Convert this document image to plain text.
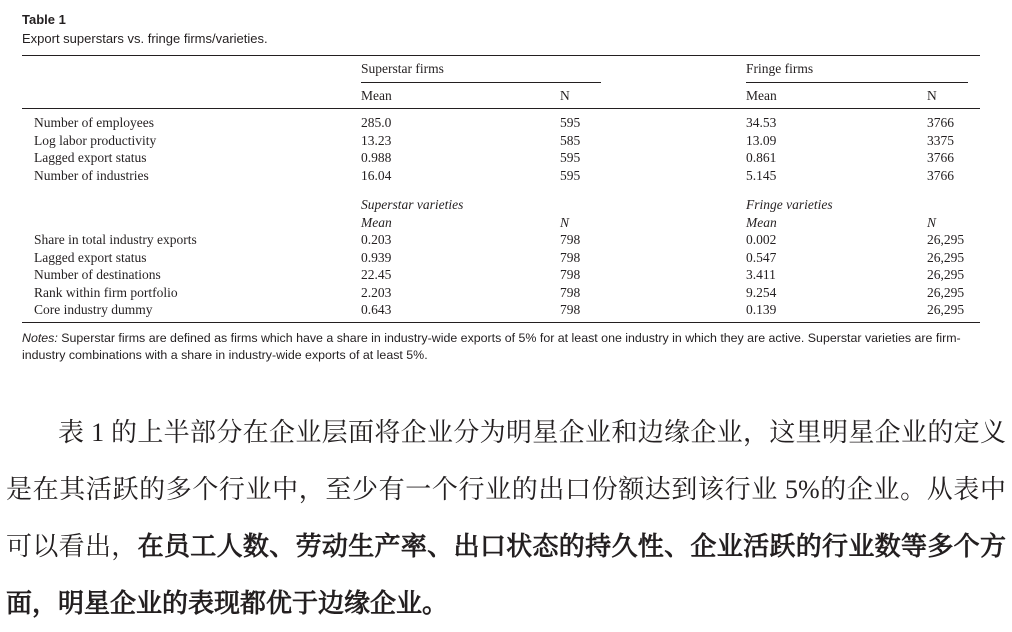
Table 1
Export superstars vs. fringe firms/varieties.
Superstar firms	Fringe firms
Mean	N	Mean	N
Number of employees	285.0	595	34.53	3766
Log labor productivity	13.23	585	13.09	3375
Lagged export status	0.988	595	0.861	3766
Number of industries	16.04	595	5.145	3766
Superstar varieties	Fringe varieties
Mean	N	Mean	N
Share in total industry exports	0.203	798	0.002	26,295
Lagged export status	0.939	798	0.547	26,295
Number of destinations	22.45	798	3.411	26,295
Rank within firm portfolio	2.203	798	9.254	26,295
Core industry dummy	0.643	798	0.139	26,295
Notes: Superstar firms are defined as firms which have a share in industry-wide exports of 5% for at least one industry in which they are active. Superstar varieties are firm-industry combinations with a share in industry-wide exports of at least 5%.

表 1 的上半部分在企业层面将企业分为明星企业和边缘企业，这里明星企业的定义是在其活跃的多个行业中，至少有一个行业的出口份额达到该行业 5%的企业。从表中可以看出，在员工人数、劳动生产率、出口状态的持久性、企业活跃的行业数等多个方面，明星企业的表现都优于边缘企业。
